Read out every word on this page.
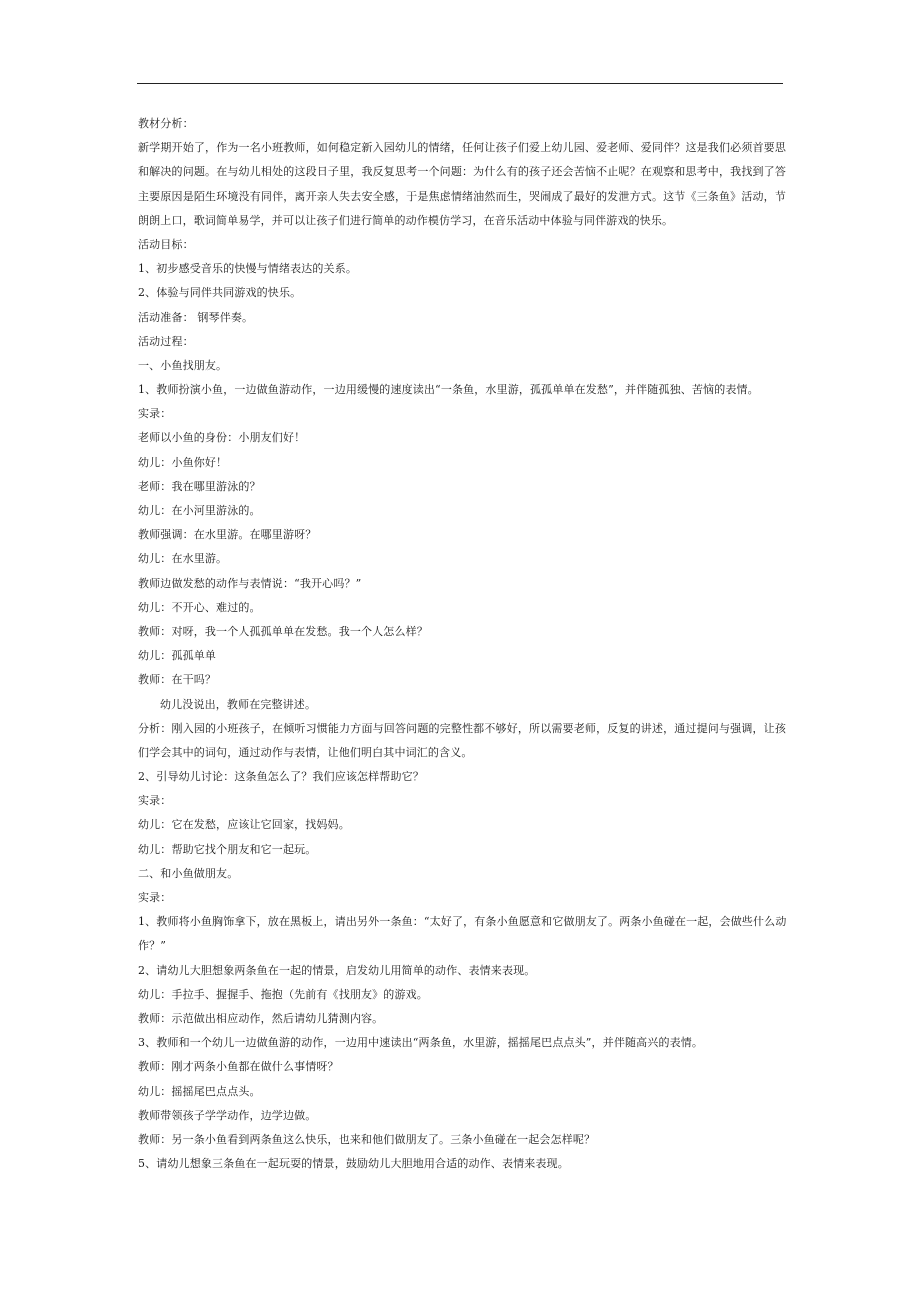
教材分析：
新学期开始了，作为一名小班教师，如何稳定新入园幼儿的情绪，任何让孩子们爱上幼儿园、爱老师、爱同伴？这是我们必须首要思
和解决的问题。在与幼儿相处的这段日子里，我反复思考一个问题：为什么有的孩子还会苦恼不止呢？在观察和思考中，我找到了答
主要原因是陌生环境没有同伴，离开亲人失去安全感，于是焦虑情绪油然而生，哭闹成了最好的发泄方式。这节《三条鱼》活动，节
朗朗上口，歌词简单易学，并可以让孩子们进行简单的动作模仿学习，在音乐活动中体验与同伴游戏的快乐。
活动目标：
1、初步感受音乐的快慢与情绪表达的关系。
2、体验与同伴共同游戏的快乐。
活动准备： 钢琴伴奏。
活动过程：
一、小鱼找朋友。
1、教师扮演小鱼，一边做鱼游动作，一边用缓慢的速度读出“一条鱼，水里游，孤孤单单在发愁”，并伴随孤独、苦恼的表情。
实录：
老师以小鱼的身份：小朋友们好！
幼儿：小鱼你好！
老师：我在哪里游泳的？
幼儿：在小河里游泳的。
教师强调：在水里游。在哪里游呀？
幼儿：在水里游。
教师边做发愁的动作与表情说：“我开心吗？”
幼儿：不开心、难过的。
教师：对呀，我一个人孤孤单单在发愁。我一个人怎么样？
幼儿：孤孤单单
教师：在干吗？
幼儿没说出，教师在完整讲述。
分析：刚入园的小班孩子，在倾听习惯能力方面与回答问题的完整性都不够好，所以需要老师，反复的讲述，通过提问与强调，让孩
们学会其中的词句，通过动作与表情，让他们明白其中词汇的含义。
2、引导幼儿讨论：这条鱼怎么了？我们应该怎样帮助它？
实录：
幼儿：它在发愁，应该让它回家，找妈妈。
幼儿：帮助它找个朋友和它一起玩。
二、和小鱼做朋友。
实录：
1、教师将小鱼胸饰拿下，放在黑板上，请出另外一条鱼：“太好了，有条小鱼愿意和它做朋友了。两条小鱼碰在一起，会做些什么动
作？”
2、请幼儿大胆想象两条鱼在一起的情景，启发幼儿用简单的动作、表情来表现。
幼儿：手拉手、握握手、拖抱（先前有《找朋友》的游戏。
教师：示范做出相应动作，然后请幼儿猜测内容。
3、教师和一个幼儿一边做鱼游的动作，一边用中速读出“两条鱼，水里游，摇摇尾巴点点头”，并伴随高兴的表情。
教师：刚才两条小鱼都在做什么事情呀？
幼儿：摇摇尾巴点点头。
教师带领孩子学学动作，边学边做。
教师：另一条小鱼看到两条鱼这么快乐，也来和他们做朋友了。三条小鱼碰在一起会怎样呢？
5、请幼儿想象三条鱼在一起玩耍的情景，鼓励幼儿大胆地用合适的动作、表情来表现。
